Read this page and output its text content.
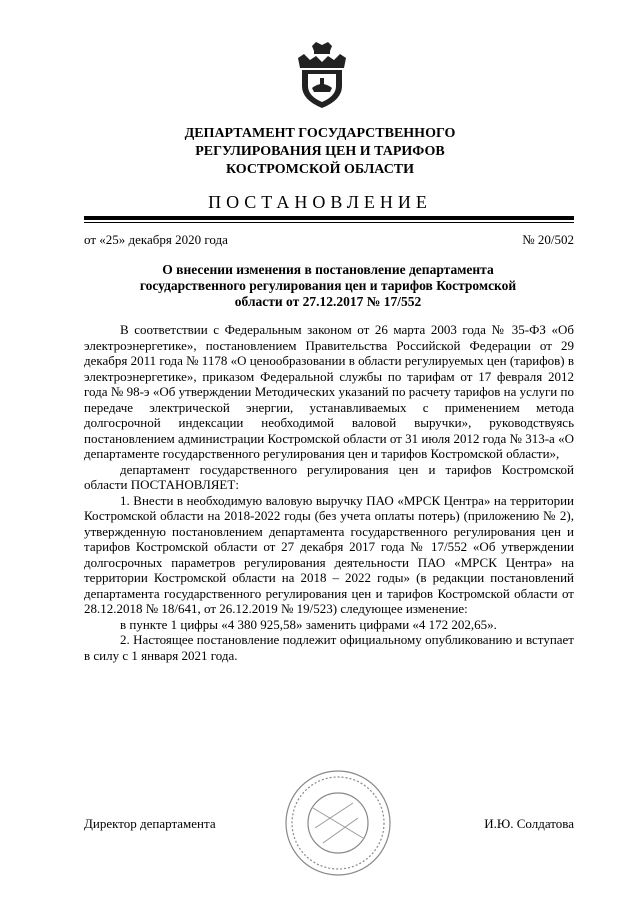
ДЕПАРТАМЕНТ ГОСУДАРСТВЕННОГО
РЕГУЛИРОВАНИЯ ЦЕН И ТАРИФОВ
КОСТРОМСКОЙ ОБЛАСТИ
ПОСТАНОВЛЕНИЕ
от «25» декабря 2020 года	№ 20/502
О внесении изменения в постановление департамента
государственного регулирования цен и тарифов Костромской
области от 27.12.2017 № 17/552

В соответствии с Федеральным законом от 26 марта 2003 года № 35-ФЗ «Об электроэнергетике», постановлением Правительства Российской Федерации от 29 декабря 2011 года № 1178 «О ценообразовании в области регулируемых цен (тарифов) в электроэнергетике», приказом Федеральной службы по тарифам от 17 февраля 2012 года № 98-э «Об утверждении Методических указаний по расчету тарифов на услуги по передаче электрической энергии, устанавливаемых с применением метода долгосрочной индексации необходимой валовой выручки», руководствуясь постановлением администрации Костромской области от 31 июля 2012 года № 313-а «О департаменте государственного регулирования цен и тарифов Костромской области»,

департамент государственного регулирования цен и тарифов Костромской области ПОСТАНОВЛЯЕТ:

1. Внести в необходимую валовую выручку ПАО «МРСК Центра» на территории Костромской области на 2018-2022 годы (без учета оплаты потерь) (приложению № 2), утвержденную постановлением департамента государственного регулирования цен и тарифов Костромской области от 27 декабря 2017 года № 17/552 «Об утверждении долгосрочных параметров регулирования деятельности ПАО «МРСК Центра» на территории Костромской области на 2018 – 2022 годы» (в редакции постановлений департамента государственного регулирования цен и тарифов Костромской области от 28.12.2018 № 18/641, от 26.12.2019 № 19/523) следующее изменение:

в пункте 1 цифры «4 380 925,58» заменить цифрами «4 172 202,65».

2. Настоящее постановление подлежит официальному опубликованию и вступает в силу с 1 января 2021 года.

Директор департамента	И.Ю. Солдатова
